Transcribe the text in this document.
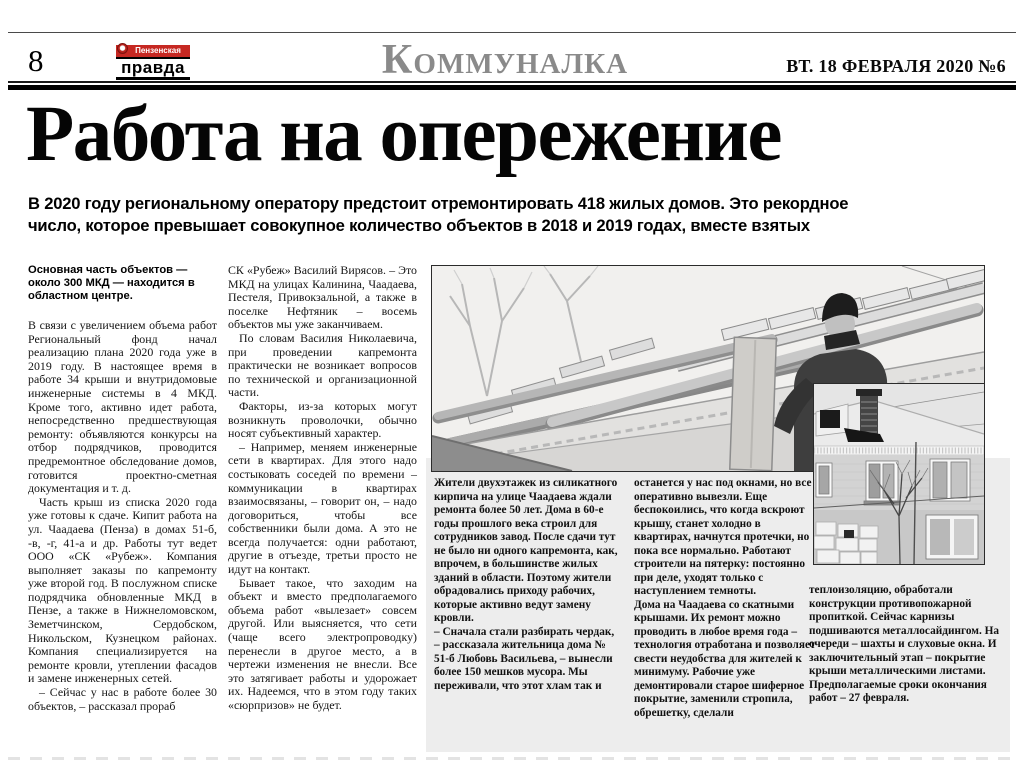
8	Пензенская
правда	КОММУНАЛКА	ВТ. 18 ФЕВРАЛЯ 2020 №6
Работа на опережение
В 2020 году региональному оператору предстоит отремонтировать 418 жилых домов. Это рекордное
число, которое превышает совокупное количество объектов в 2018 и 2019 годах, вместе взятых

Основная часть объектов — около 300 МКД — находится в областном центре.

В связи с увеличением объема работ Региональный фонд начал реализацию плана 2020 года уже в 2019 году. В настоящее время в работе 34 крыши и внутридомовые инженерные системы в 4 МКД. Кроме того, активно идет работа, непосредственно предшествующая ремонту: объявляются конкурсы на отбор подрядчиков, проводится предремонтное обследование домов, готовится проектно-сметная документация и т. д.

Часть крыш из списка 2020 года уже готовы к сдаче. Кипит работа на ул. Чаадаева (Пенза) в домах 51-б, -в, -г, 41-а и др. Работы тут ведет ООО «СК «Рубеж». Компания выполняет заказы по капремонту уже второй год. В послужном списке подрядчика обновленные МКД в Пензе, а также в Нижнеломовском, Земетчинском, Сердобском, Никольском, Кузнецком районах. Компания специализируется на ремонте кровли, утеплении фасадов и замене инженерных сетей.

– Сейчас у нас в работе более 30 объектов, – рассказал прораб

СК «Рубеж» Василий Вирясов. – Это МКД на улицах Калинина, Чаадаева, Пестеля, Привокзальной, а также в поселке Нефтяник – восемь объектов мы уже заканчиваем.

По словам Василия Николаевича, при проведении капремонта практически не возникает вопросов по технической и организационной части.

Факторы, из-за которых могут возникнуть проволочки, обычно носят субъективный характер.

– Например, меняем инженерные сети в квартирах. Для этого надо состыковать соседей по времени – коммуникации в квартирах взаимосвязаны, – говорит он, – надо договориться, чтобы все собственники были дома. А это не всегда получается: одни работают, другие в отъезде, третьи просто не идут на контакт.

Бывает такое, что заходим на объект и вместо предполагаемого объема работ «вылезает» совсем другой. Или выясняется, что сети (чаще всего электропроводку) перенесли в другое место, а в чертежи изменения не внесли. Все это затягивает работы и удорожает их. Надеемся, что в этом году таких «сюрпризов» не будет.

Жители двухэтажек из силикатного кирпича на улице Чаадаева ждали ремонта более 50 лет. Дома в 60-е годы прошлого века строил для сотрудников завод. После сдачи тут не было ни одного капремонта, как, впрочем, в большинстве жилых зданий в области. Поэтому жители обрадовались приходу рабочих, которые активно ведут замену кровли.

– Сначала стали разбирать чердак, – рассказала жительница дома № 51-б Любовь Васильева, – вынесли более 150 мешков мусора. Мы переживали, что этот хлам так и

останется у нас под окнами, но все оперативно вывезли. Еще беспокоились, что когда вскроют крышу, станет холодно в квартирах, начнутся протечки, но пока все нормально. Работают строители на пятерку: постоянно при деле, уходят только с наступлением темноты.

Дома на Чаадаева со скатными крышами. Их ремонт можно проводить в любое время года – технология отработана и позволяет свести неудобства для жителей к минимуму. Рабочие уже демонтировали старое шиферное покрытие, заменили стропила, обрешетку, сделали

теплоизоляцию, обработали конструкции противопожарной пропиткой. Сейчас карнизы подшиваются металлосайдингом. На очереди – шахты и слуховые окна. И заключительный этап – покрытие крыши металлическими листами. Предполагаемые сроки окончания работ – 27 февраля.
